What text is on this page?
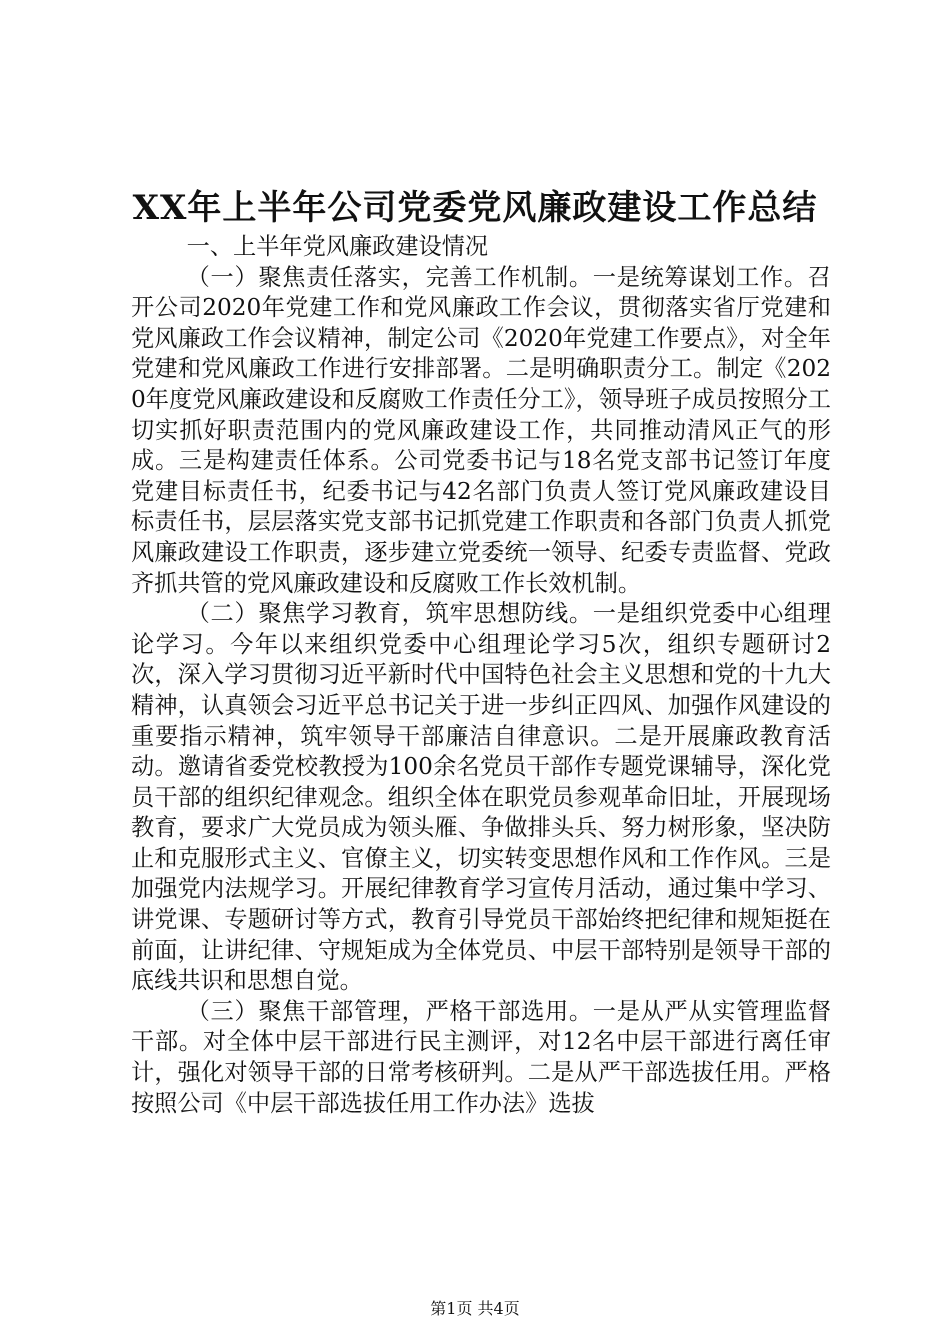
XX年上半年公司党委党风廉政建设工作总结

一、上半年党风廉政建设情况

（一）聚焦责任落实，完善工作机制。一是统筹谋划工作。召开公司2020年党建工作和党风廉政工作会议，贯彻落实省厅党建和党风廉政工作会议精神，制定公司《2020年党建工作要点》，对全年党建和党风廉政工作进行安排部署。二是明确职责分工。制定《2020年度党风廉政建设和反腐败工作责任分工》，领导班子成员按照分工切实抓好职责范围内的党风廉政建设工作，共同推动清风正气的形成。三是构建责任体系。公司党委书记与18名党支部书记签订年度党建目标责任书，纪委书记与42名部门负责人签订党风廉政建设目标责任书，层层落实党支部书记抓党建工作职责和各部门负责人抓党风廉政建设工作职责，逐步建立党委统一领导、纪委专责监督、党政齐抓共管的党风廉政建设和反腐败工作长效机制。

（二）聚焦学习教育，筑牢思想防线。一是组织党委中心组理论学习。今年以来组织党委中心组理论学习5次，组织专题研讨2次，深入学习贯彻习近平新时代中国特色社会主义思想和党的十九大精神，认真领会习近平总书记关于进一步纠正四风、加强作风建设的重要指示精神，筑牢领导干部廉洁自律意识。二是开展廉政教育活动。邀请省委党校教授为100余名党员干部作专题党课辅导，深化党员干部的组织纪律观念。组织全体在职党员参观革命旧址，开展现场教育，要求广大党员成为领头雁、争做排头兵、努力树形象，坚决防止和克服形式主义、官僚主义，切实转变思想作风和工作作风。三是加强党内法规学习。开展纪律教育学习宣传月活动，通过集中学习、讲党课、专题研讨等方式，教育引导党员干部始终把纪律和规矩挺在前面，让讲纪律、守规矩成为全体党员、中层干部特别是领导干部的底线共识和思想自觉。

（三）聚焦干部管理，严格干部选用。一是从严从实管理监督干部。对全体中层干部进行民主测评，对12名中层干部进行离任审计，强化对领导干部的日常考核研判。二是从严干部选拔任用。严格按照公司《中层干部选拔任用工作办法》选拔

第1页 共4页
